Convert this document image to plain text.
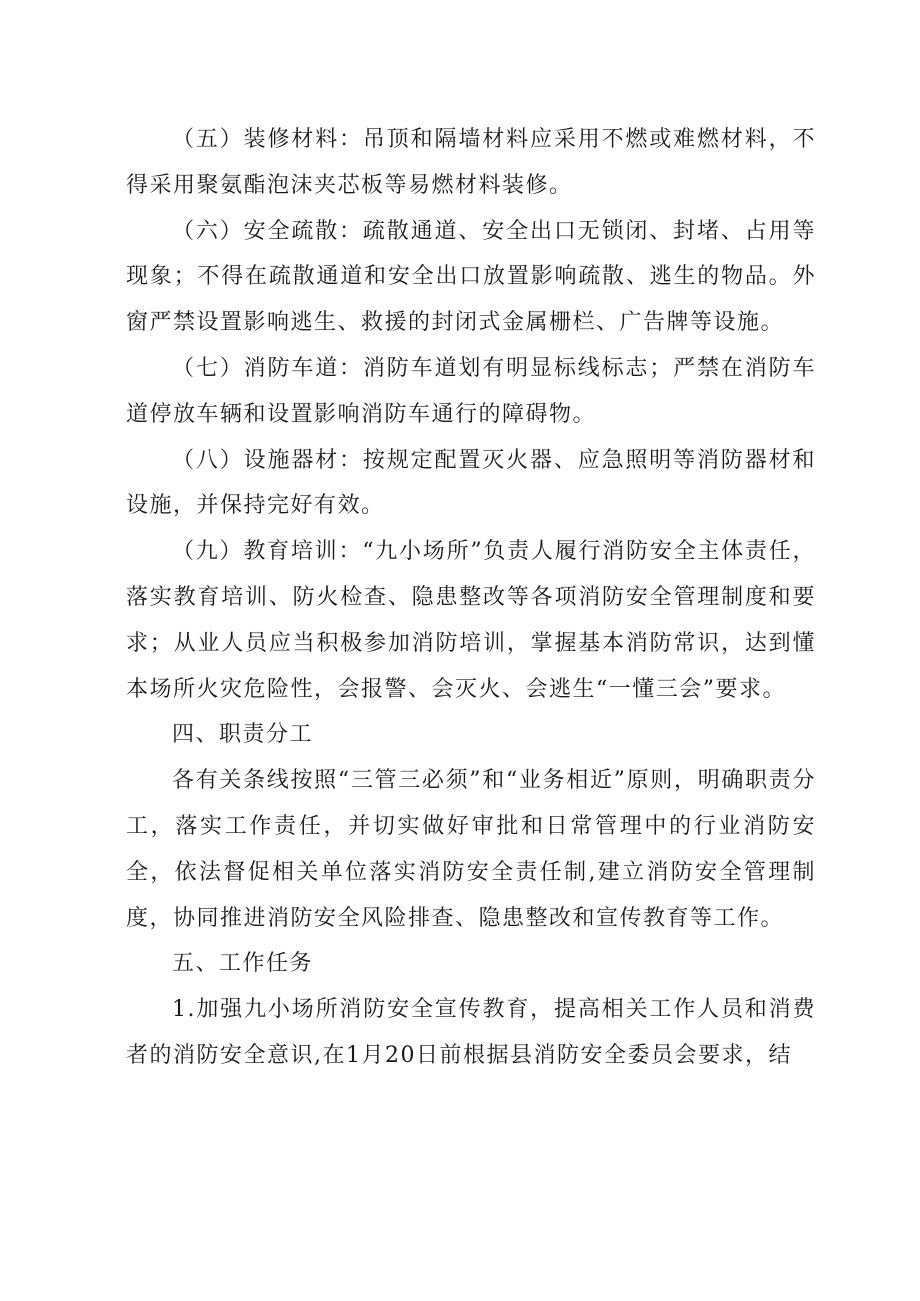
（五）装修材料：吊顶和隔墙材料应采用不燃或难燃材料，不得采用聚氨酯泡沫夹芯板等易燃材料装修。

（六）安全疏散：疏散通道、安全出口无锁闭、封堵、占用等现象；不得在疏散通道和安全出口放置影响疏散、逃生的物品。外窗严禁设置影响逃生、救援的封闭式金属栅栏、广告牌等设施。

（七）消防车道：消防车道划有明显标线标志；严禁在消防车道停放车辆和设置影响消防车通行的障碍物。

（八）设施器材：按规定配置灭火器、应急照明等消防器材和设施，并保持完好有效。

（九）教育培训：“九小场所”负责人履行消防安全主体责任，落实教育培训、防火检查、隐患整改等各项消防安全管理制度和要求；从业人员应当积极参加消防培训，掌握基本消防常识，达到懂本场所火灾危险性，会报警、会灭火、会逃生“一懂三会”要求。

四、职责分工

各有关条线按照“三管三必须”和“业务相近”原则，明确职责分工，落实工作责任，并切实做好审批和日常管理中的行业消防安全，依法督促相关单位落实消防安全责任制,建立消防安全管理制度，协同推进消防安全风险排查、隐患整改和宣传教育等工作。

五、工作任务

1.加强九小场所消防安全宣传教育，提高相关工作人员和消费者的消防安全意识,在1月20日前根据县消防安全委员会要求，结
